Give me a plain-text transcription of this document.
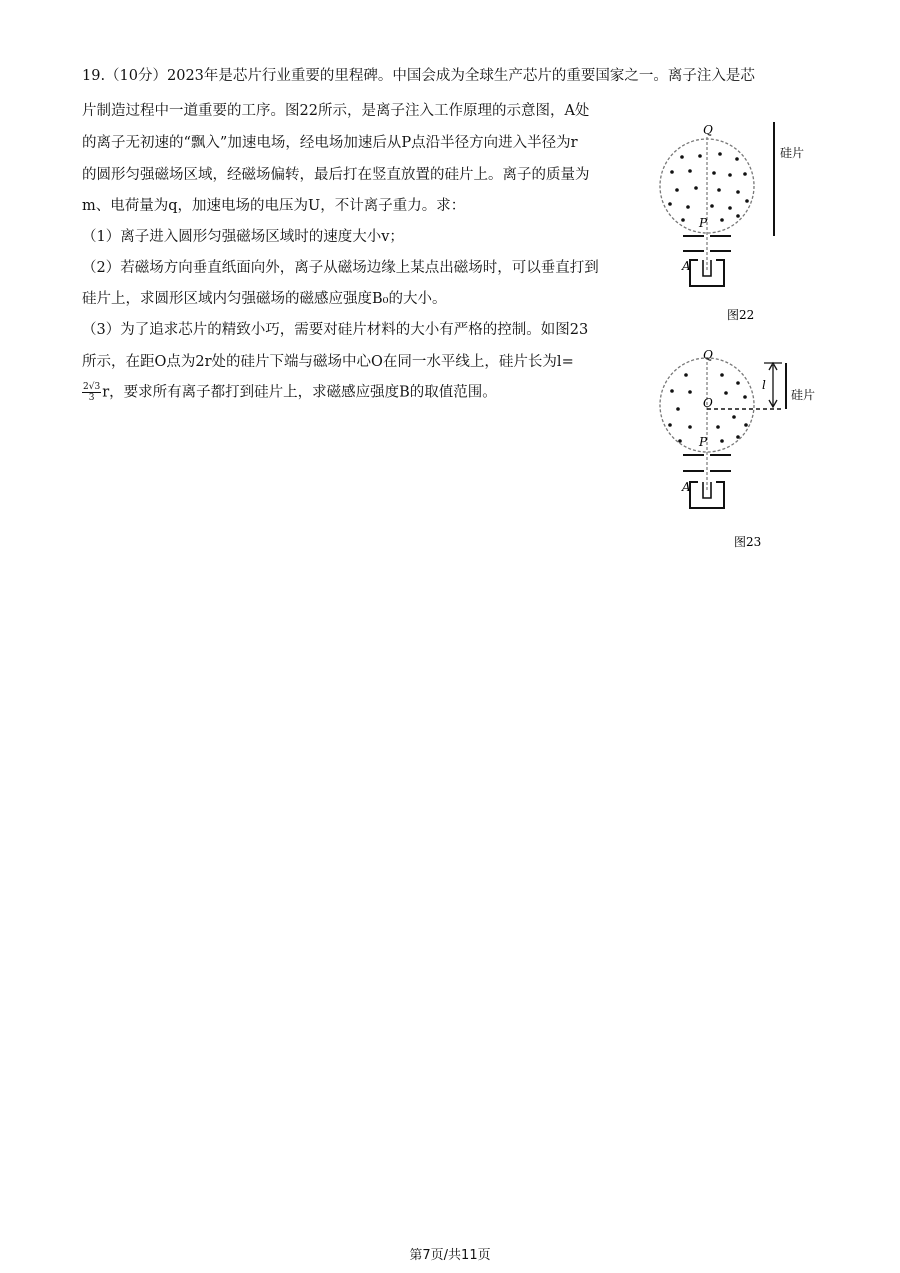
19.（10分）2023年是芯片行业重要的里程碑。中国会成为全球生产芯片的重要国家之一。离子注入是芯
片制造过程中一道重要的工序。图22所示，是离子注入工作原理的示意图，A处
的离子无初速的“飘入”加速电场，经电场加速后从P点沿半径方向进入半径为r
的圆形匀强磁场区域，经磁场偏转，最后打在竖直放置的硅片上。离子的质量为
m、电荷量为q，加速电场的电压为U，不计离子重力。求：
（1）离子进入圆形匀强磁场区域时的速度大小v；
（2）若磁场方向垂直纸面向外，离子从磁场边缘上某点出磁场时，可以垂直打到
硅片上，求圆形区域内匀强磁场的磁感应强度B₀的大小。
（3）为了追求芯片的精致小巧，需要对硅片材料的大小有严格的控制。如图23
所示，在距O点为2r处的硅片下端与磁场中心O在同一水平线上，硅片长为l=
$\frac{2√3}{3}$ r，要求所有离子都打到硅片上，求磁感应强度B的取值范围。
Q
P
A
硅片
图22
Q
O
P
A
l
硅片
图23
第7页/共11页
